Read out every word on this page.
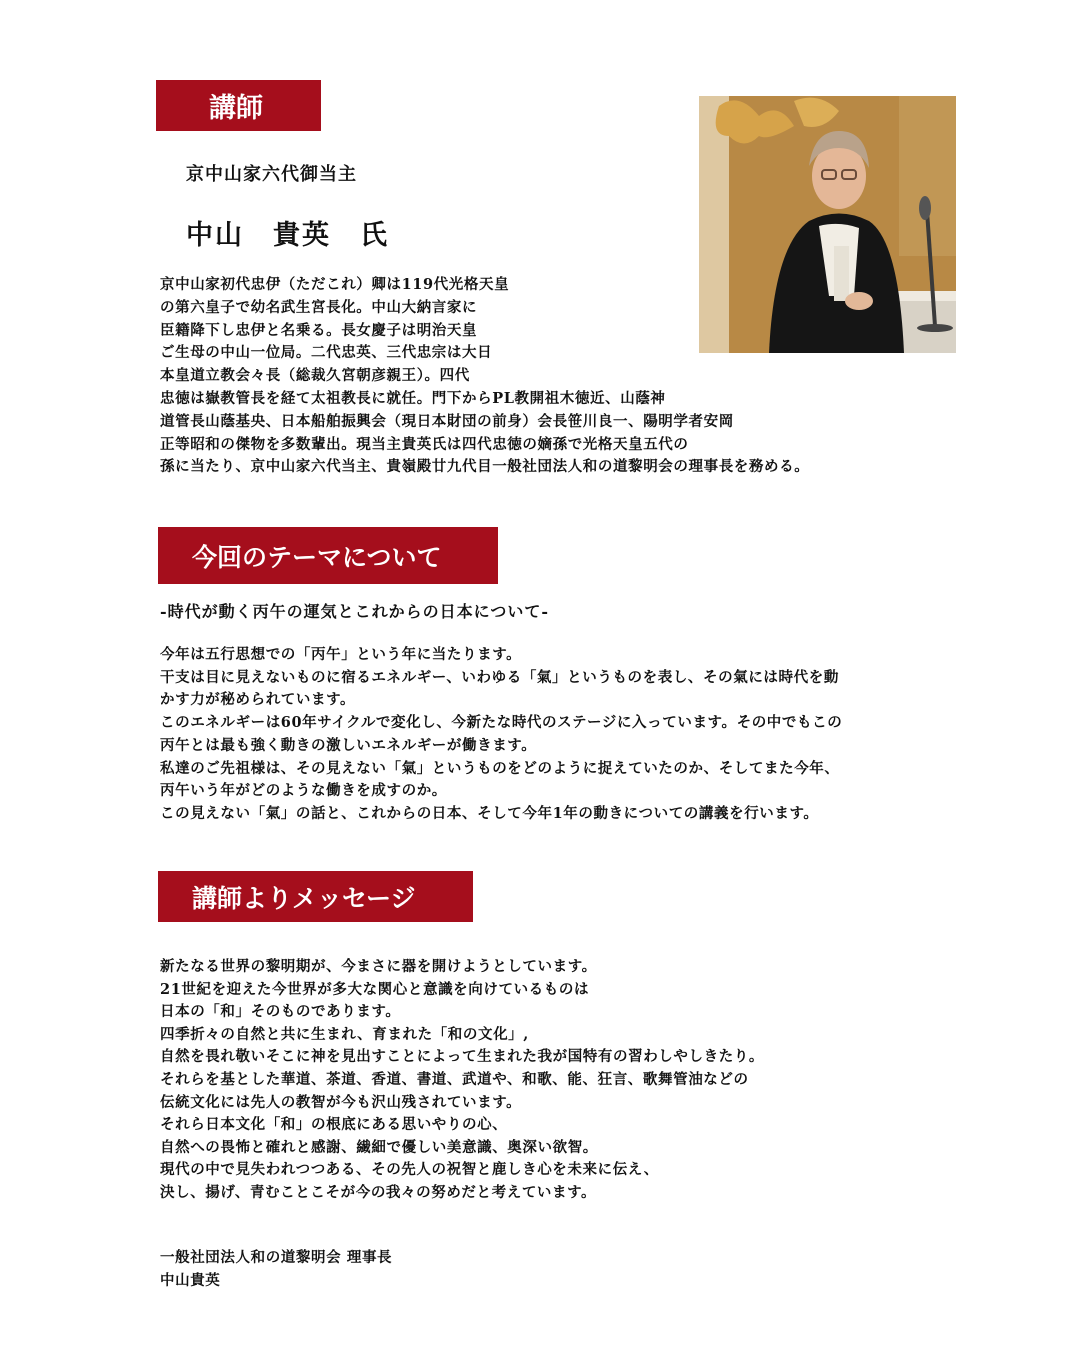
講師
京中山家六代御当主
中山　貴英　氏
京中山家初代忠伊（ただこれ）卿は119代光格天皇
の第六皇子で幼名武生宮長化。中山大納言家に
臣籍降下し忠伊と名乗る。長女慶子は明治天皇
ご生母の中山一位局。二代忠英、三代忠宗は大日
本皇道立教会々長（総裁久宮朝彦親王）。四代
忠徳は嶽教管長を経て太祖教長に就任。門下からPL教開祖木徳近、山蔭神
道管長山蔭基央、日本船舶振興会（現日本財団の前身）会長笹川良一、陽明学者安岡
正等昭和の傑物を多数輩出。現当主貴英氏は四代忠徳の嫡孫で光格天皇五代の
孫に当たり、京中山家六代当主、貴嶺殿廿九代目一般社団法人和の道黎明会の理事長を務める。
今回のテーマについて
-時代が動く丙午の運気とこれからの日本について-
今年は五行思想での「丙午」という年に当たります。
干支は目に見えないものに宿るエネルギー、いわゆる「氣」というものを表し、その氣には時代を動
かす力が秘められています。
このエネルギーは60年サイクルで変化し、今新たな時代のステージに入っています。その中でもこの
丙午とは最も強く動きの激しいエネルギーが働きます。
私達のご先祖様は、その見えない「氣」というものをどのように捉えていたのか、そしてまた今年、
丙午いう年がどのような働きを成すのか。
この見えない「氣」の話と、これからの日本、そして今年1年の動きについての講義を行います。
講師よりメッセージ
新たなる世界の黎明期が、今まさに器を開けようとしています。
21世紀を迎えた今世界が多大な関心と意識を向けているものは
日本の「和」そのものであります。
四季折々の自然と共に生まれ、育まれた「和の文化」,
自然を畏れ敬いそこに神を見出すことによって生まれた我が国特有の習わしやしきたり。
それらを基とした華道、茶道、香道、書道、武道や、和歌、能、狂言、歌舞管油などの
伝統文化には先人の教智が今も沢山残されています。
それら日本文化「和」の根底にある思いやりの心、
自然への畏怖と確れと感謝、繊細で優しい美意識、奥深い欲智。
現代の中で見失われつつある、その先人の祝智と鹿しき心を未来に伝え、
決し、揚げ、青むことこそが今の我々の努めだと考えています。
一般社団法人和の道黎明会 理事長
中山貴英
